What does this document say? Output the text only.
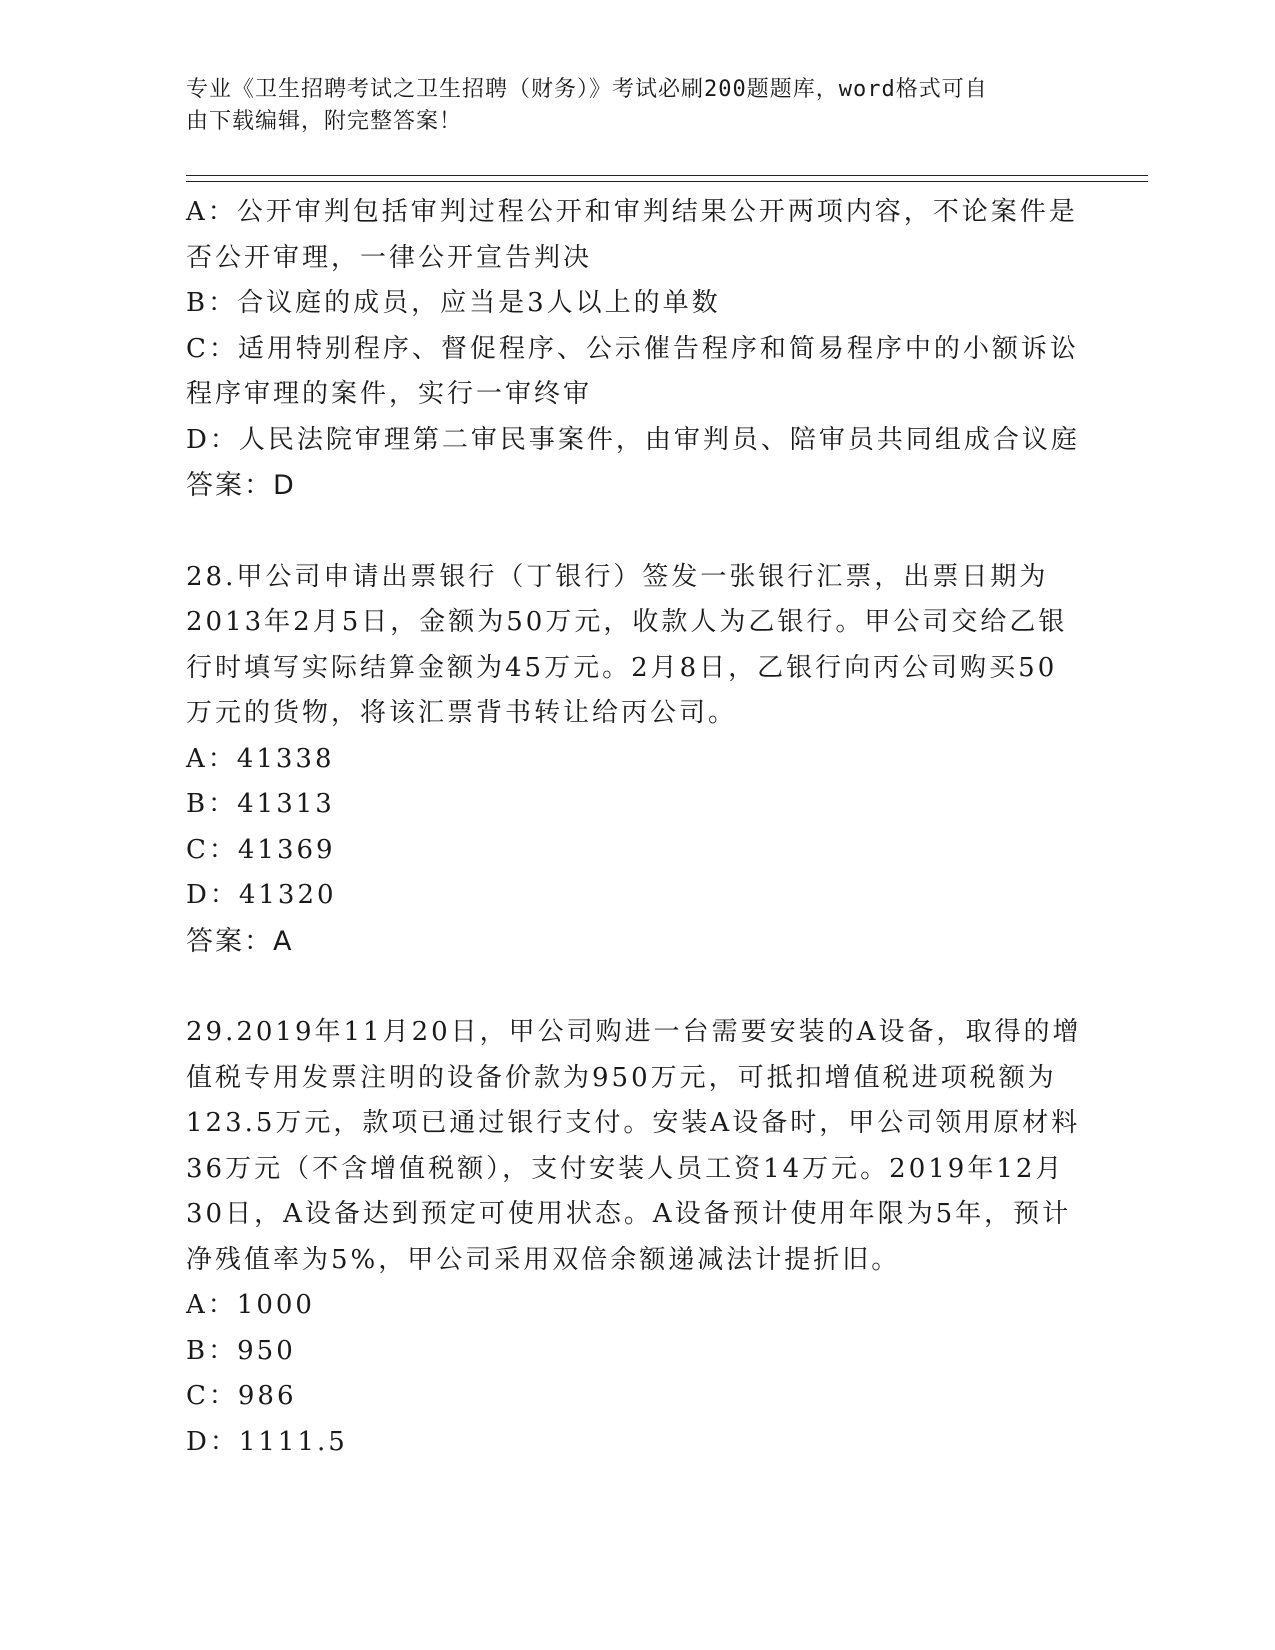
专业《卫生招聘考试之卫生招聘（财务）》考试必刷200题题库，word格式可自
由下载编辑，附完整答案！
A：公开审判包括审判过程公开和审判结果公开两项内容，不论案件是
否公开审理，一律公开宣告判决
B：合议庭的成员，应当是3人以上的单数
C：适用特别程序、督促程序、公示催告程序和简易程序中的小额诉讼
程序审理的案件，实行一审终审
D：人民法院审理第二审民事案件，由审判员、陪审员共同组成合议庭
答案：D
28.甲公司申请出票银行（丁银行）签发一张银行汇票，出票日期为
2013年2月5日，金额为50万元，收款人为乙银行。甲公司交给乙银
行时填写实际结算金额为45万元。2月8日，乙银行向丙公司购买50
万元的货物，将该汇票背书转让给丙公司。
A：41338
B：41313
C：41369
D：41320
答案：A
29.2019年11月20日，甲公司购进一台需要安装的A设备，取得的增
值税专用发票注明的设备价款为950万元，可抵扣增值税进项税额为
123.5万元，款项已通过银行支付。安装A设备时，甲公司领用原材料
36万元（不含增值税额），支付安装人员工资14万元。2019年12月
30日，A设备达到预定可使用状态。A设备预计使用年限为5年，预计
净残值率为5%，甲公司采用双倍余额递减法计提折旧。
A：1000
B：950
C：986
D：1111.5
